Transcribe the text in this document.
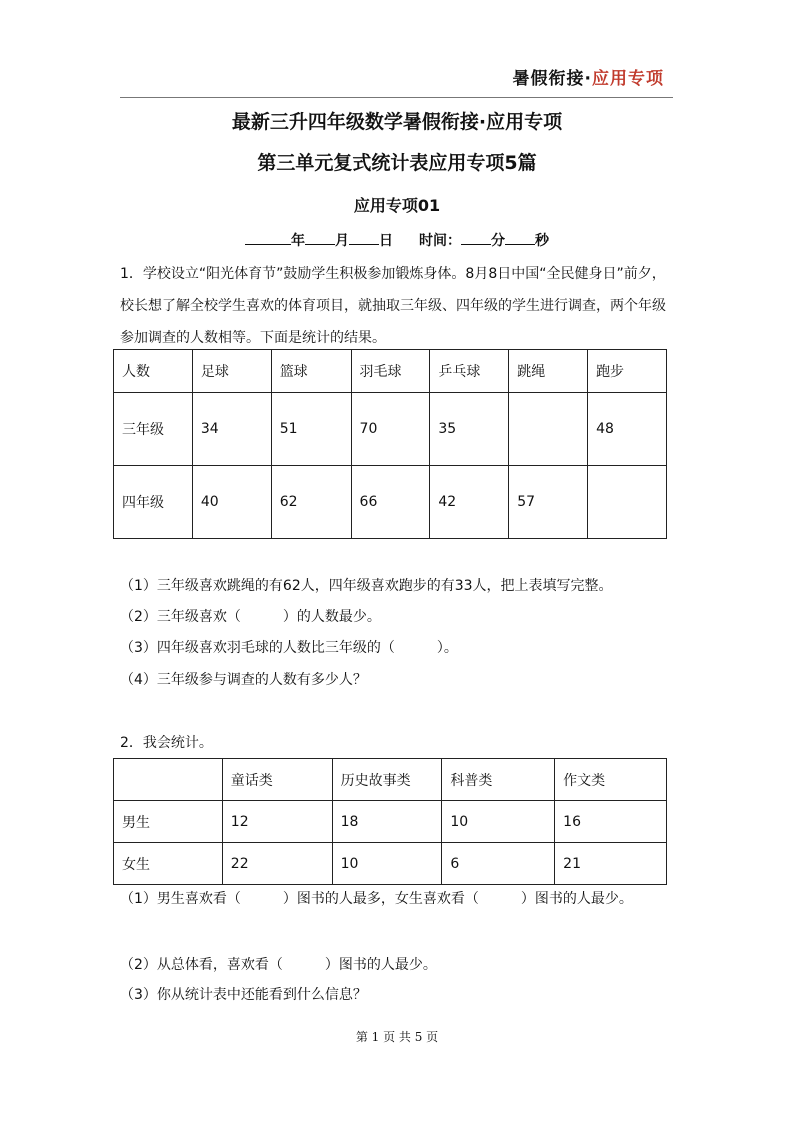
暑假衔接·应用专项
最新三升四年级数学暑假衔接·应用专项
第三单元复式统计表应用专项5篇
应用专项01
年 月 日 时间： 分 秒
1．学校设立“阳光体育节”鼓励学生积极参加锻炼身体。8月8日中国“全民健身日”前夕，校长想了解全校学生喜欢的体育项目，就抽取三年级、四年级的学生进行调查，两个年级参加调查的人数相等。下面是统计的结果。
人数	足球	篮球	羽毛球	乒乓球	跳绳	跑步
三年级	34	51	70	35		48
四年级	40	62	66	42	57	
（1）三年级喜欢跳绳的有62人，四年级喜欢跑步的有33人，把上表填写完整。
（2）三年级喜欢（　　　）的人数最少。
（3）四年级喜欢羽毛球的人数比三年级的（　　　）。
（4）三年级参与调查的人数有多少人？
2．我会统计。
	童话类	历史故事类	科普类	作文类
男生	12	18	10	16
女生	22	10	6	21
（1）男生喜欢看（　　　）图书的人最多，女生喜欢看（　　　）图书的人最少。
（2）从总体看，喜欢看（　　　）图书的人最少。
（3）你从统计表中还能看到什么信息？
第 1 页 共 5 页
